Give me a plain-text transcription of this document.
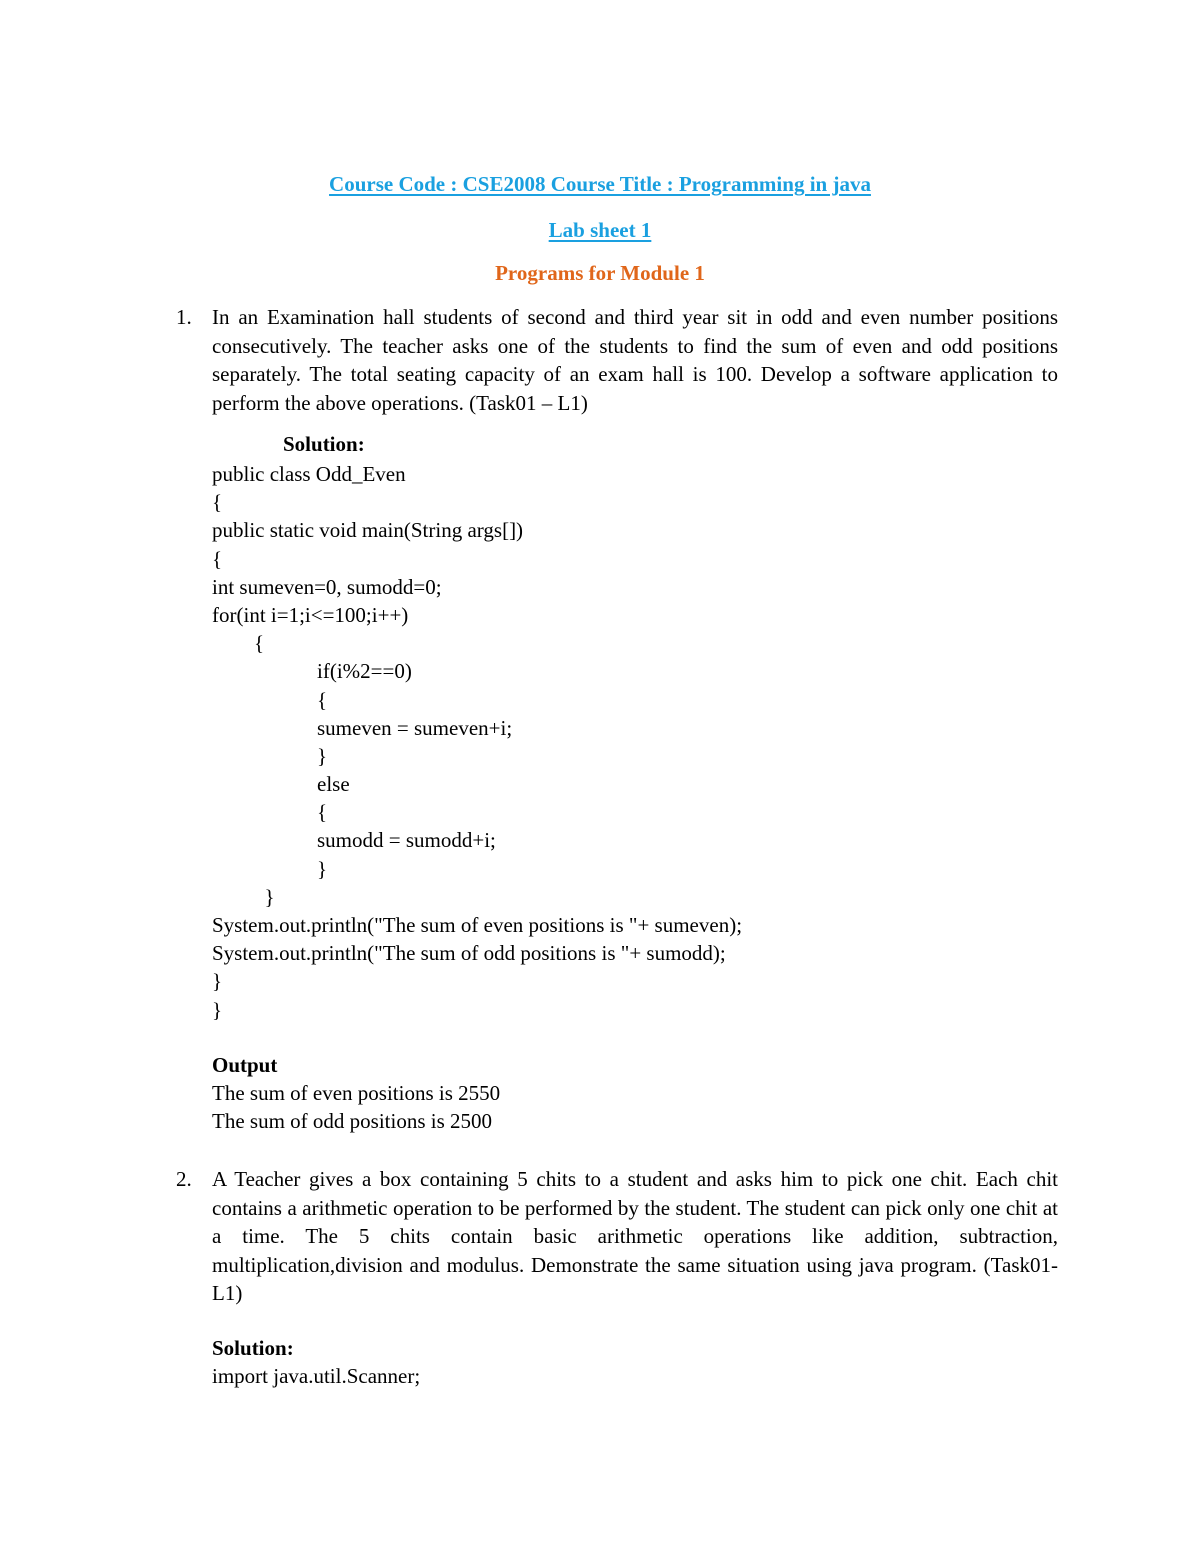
Course Code : CSE2008 Course Title : Programming in java
Lab sheet 1
Programs for Module 1
1. In an Examination hall students of second and third year sit in odd and even number positions consecutively. The teacher asks one of the students to find the sum of even and odd positions separately. The total seating capacity of an exam hall is 100. Develop a software application to perform the above operations. (Task01 – L1)

Solution:
public class Odd_Even
{
public static void main(String args[])
{
int sumeven=0, sumodd=0;
for(int i=1;i<=100;i++)
{
if(i%2==0)
{
sumeven = sumeven+i;
}
else
{
sumodd = sumodd+i;
}
}
System.out.println("The sum of even positions is "+ sumeven);
System.out.println("The sum of odd positions is "+ sumodd);
}
}
Output
The sum of even positions is 2550
The sum of odd positions is 2500
2. A Teacher gives a box containing 5 chits to a student and asks him to pick one chit. Each chit contains a arithmetic operation to be performed by the student. The student can pick only one chit at a time. The 5 chits contain basic arithmetic operations like addition, subtraction, multiplication,division and modulus. Demonstrate the same situation using java program. (Task01-L1)

Solution:
import java.util.Scanner;
